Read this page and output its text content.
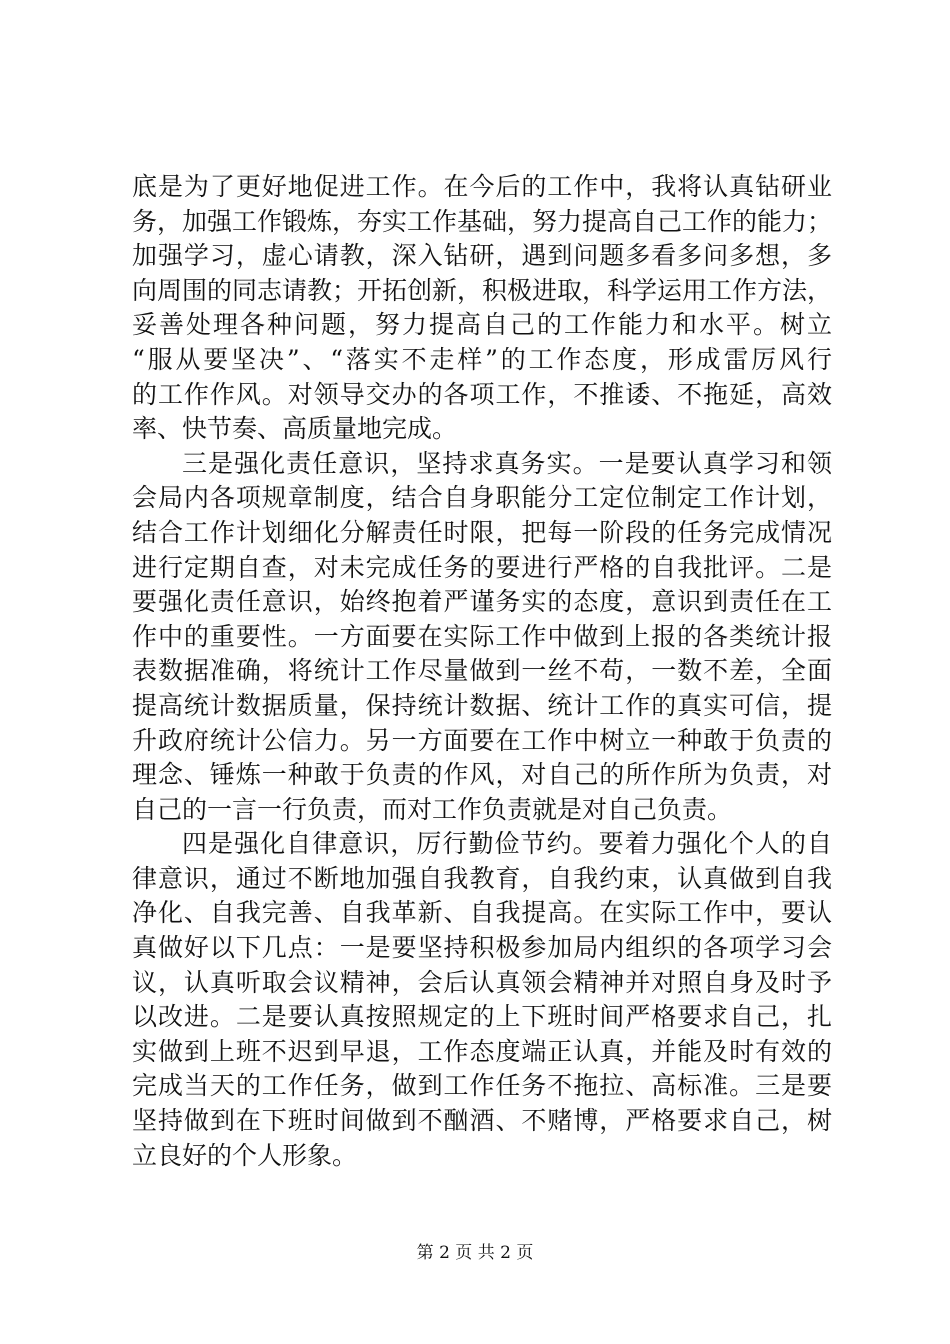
底是为了更好地促进工作。在今后的工作中，我将认真钻研业
务，加强工作锻炼，夯实工作基础，努力提高自己工作的能力；
加强学习，虚心请教，深入钻研，遇到问题多看多问多想，多
向周围的同志请教；开拓创新，积极进取，科学运用工作方法，
妥善处理各种问题，努力提高自己的工作能力和水平。树立
“服从要坚决”、“落实不走样”的工作态度，形成雷厉风行
的工作作风。对领导交办的各项工作，不推诿、不拖延，高效
率、快节奏、高质量地完成。
三是强化责任意识，坚持求真务实。一是要认真学习和领
会局内各项规章制度，结合自身职能分工定位制定工作计划，
结合工作计划细化分解责任时限，把每一阶段的任务完成情况
进行定期自查，对未完成任务的要进行严格的自我批评。二是
要强化责任意识，始终抱着严谨务实的态度，意识到责任在工
作中的重要性。一方面要在实际工作中做到上报的各类统计报
表数据准确，将统计工作尽量做到一丝不苟，一数不差，全面
提高统计数据质量，保持统计数据、统计工作的真实可信，提
升政府统计公信力。另一方面要在工作中树立一种敢于负责的
理念、锤炼一种敢于负责的作风，对自己的所作所为负责，对
自己的一言一行负责，而对工作负责就是对自己负责。
四是强化自律意识，厉行勤俭节约。要着力强化个人的自
律意识，通过不断地加强自我教育，自我约束，认真做到自我
净化、自我完善、自我革新、自我提高。在实际工作中，要认
真做好以下几点：一是要坚持积极参加局内组织的各项学习会
议，认真听取会议精神，会后认真领会精神并对照自身及时予
以改进。二是要认真按照规定的上下班时间严格要求自己，扎
实做到上班不迟到早退，工作态度端正认真，并能及时有效的
完成当天的工作任务，做到工作任务不拖拉、高标准。三是要
坚持做到在下班时间做到不酗酒、不赌博，严格要求自己，树
立良好的个人形象。
第 2 页 共 2 页
